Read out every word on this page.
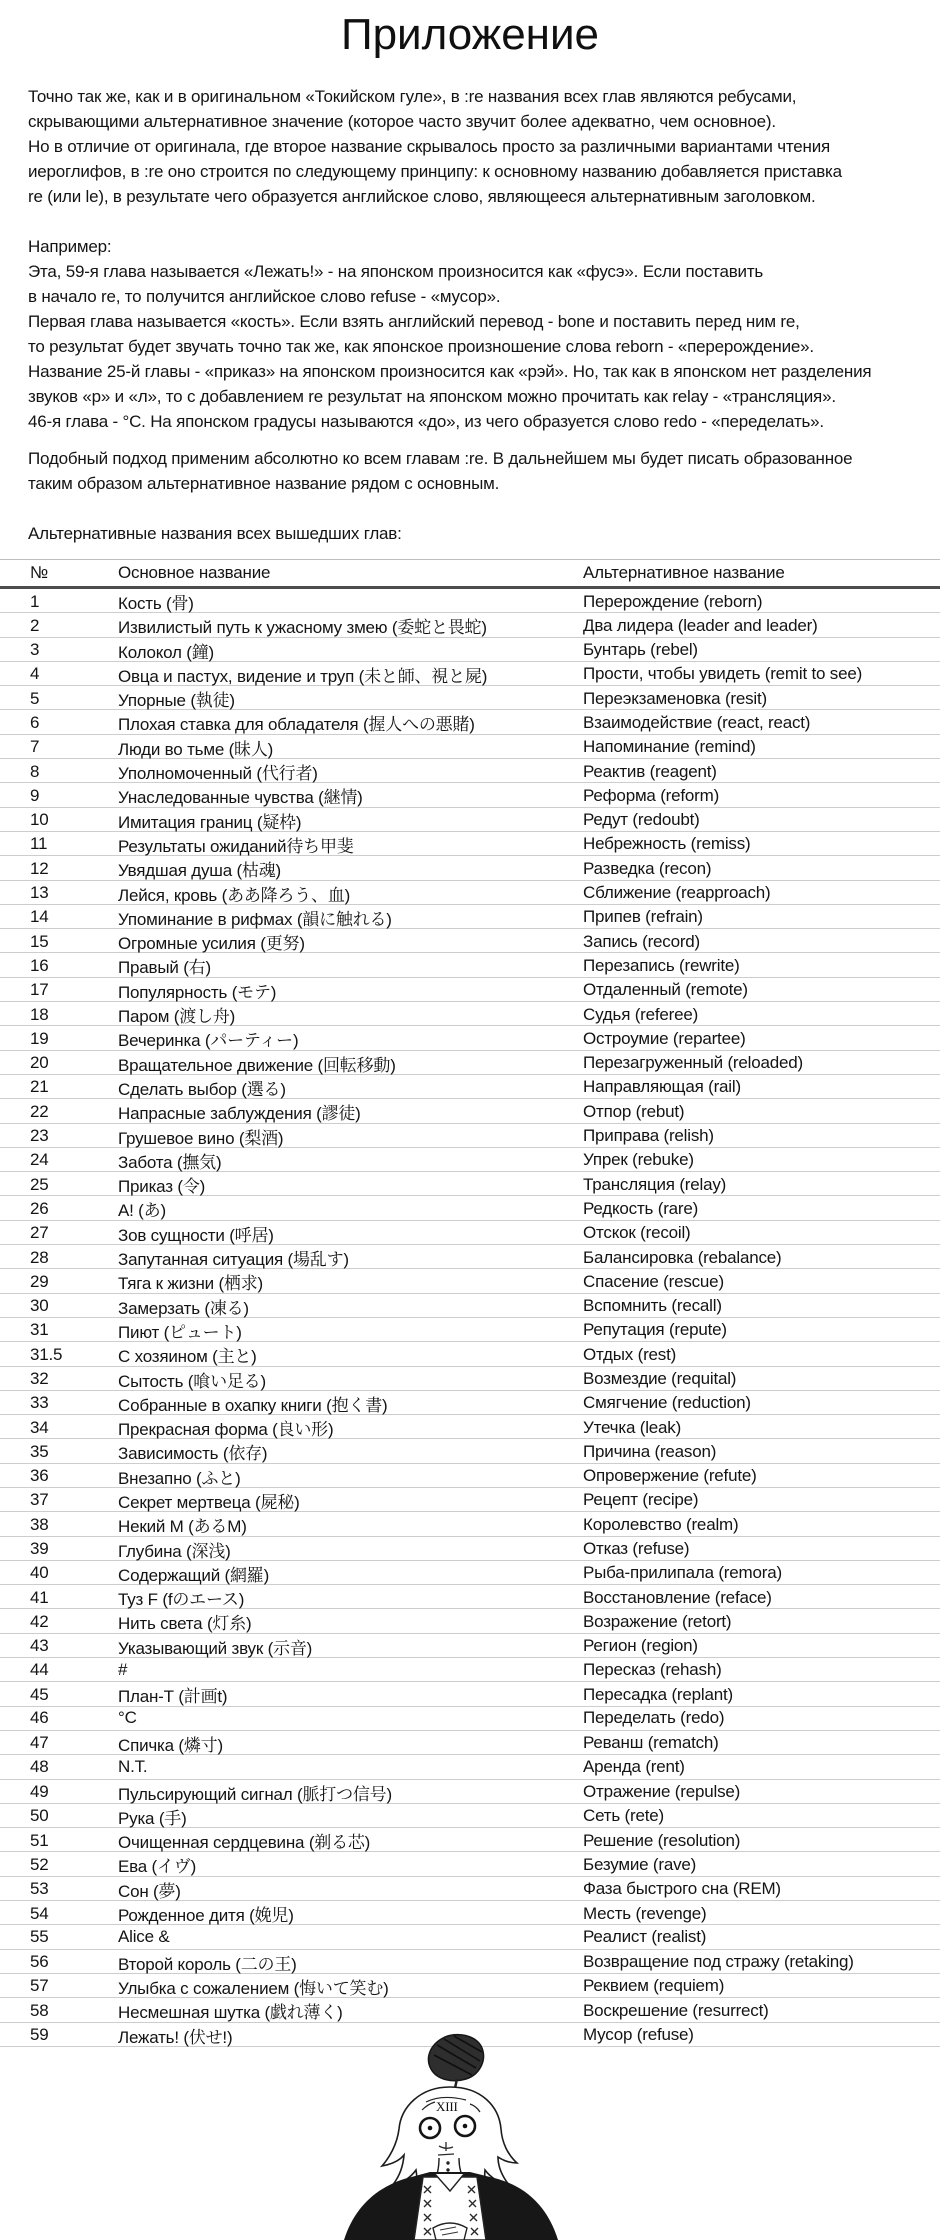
Приложение
Точно так же, как и в оригинальном «Токийском гуле», в :re названия всех глав являются ребусами,
скрывающими альтернативное значение (которое часто звучит более адекватно, чем основное).
Но в отличие от оригинала, где второе название скрывалось просто за различными вариантами чтения
иероглифов, в :re оно строится по следующему принципу: к основному названию добавляется приставка
re (или le), в результате чего образуется английское слово, являющееся альтернативным заголовком.
Например:
Эта, 59-я глава называется «Лежать!» - на японском произносится как «фусэ». Если поставить
в начало re, то получится английское слово refuse - «мусор».
Первая глава называется «кость». Если взять английский перевод - bone и поставить перед ним re,
то результат будет звучать точно так же, как японское произношение слова reborn - «перерождение».
Название 25-й главы - «приказ» на японском произносится как «рэй». Но, так как в японском нет разделения
звуков «р» и «л», то с добавлением re результат на японском можно прочитать как relay - «трансляция».
46-я глава - °C. На японском градусы называются «до», из чего образуется слово redo - «переделать».
Подобный подход применим абсолютно ко всем главам :re. В дальнейшем мы будет писать образованное
таким образом альтернативное название рядом с основным.
Альтернативные названия всех вышедших глав:
№	Основное название	Альтернативное название
1	Кость (骨)	Перерождение (reborn)
2	Извилистый путь к ужасному змею (委蛇と畏蛇)	Два лидера (leader and leader)
3	Колокол (鐘)	Бунтарь (rebel)
4	Овца и пастух, видение и труп (未と師、視と屍)	Прости, чтобы увидеть (remit to see)
5	Упорные (執徒)	Переэкзаменовка (resit)
6	Плохая ставка для обладателя (握人への悪賭)	Взаимодействие (react, react)
7	Люди во тьме (昧人)	Напоминание (remind)
8	Уполномоченный (代行者)	Реактив (reagent)
9	Унаследованные чувства (継情)	Реформа (reform)
10	Имитация границ (疑枠)	Редут (redoubt)
11	Результаты ожиданий待ち甲斐	Небрежность (remiss)
12	Увядшая душа (枯魂)	Разведка (recon)
13	Лейся, кровь (ああ降ろう、血)	Сближение (reapproach)
14	Упоминание в рифмах (韻に触れる)	Припев (refrain)
15	Огромные усилия (更努)	Запись (record)
16	Правый (右)	Перезапись (rewrite)
17	Популярность (モテ)	Отдаленный (remote)
18	Паром (渡し舟)	Судья (referee)
19	Вечеринка (パーティー)	Остроумие (repartee)
20	Вращательное движение (回転移動)	Перезагруженный (reloaded)
21	Сделать выбор (選る)	Направляющая (rail)
22	Напрасные заблуждения (謬徒)	Отпор (rebut)
23	Грушевое вино (梨酒)	Приправа (relish)
24	Забота (撫気)	Упрек (rebuke)
25	Приказ (令)	Трансляция (relay)
26	А! (あ)	Редкость (rare)
27	Зов сущности (呼居)	Отскок (recoil)
28	Запутанная ситуация (場乱す)	Балансировка (rebalance)
29	Тяга к жизни (栖求)	Спасение (rescue)
30	Замерзать (凍る)	Вспомнить (recall)
31	Пиют (ピュート)	Репутация (repute)
31.5	С хозяином (主と)	Отдых (rest)
32	Сытость (喰い足る)	Возмездие (requital)
33	Собранные в охапку книги (抱く書)	Смягчение (reduction)
34	Прекрасная форма (良い形)	Утечка (leak)
35	Зависимость (依存)	Причина (reason)
36	Внезапно (ふと)	Опровержение (refute)
37	Секрет мертвеца (屍秘)	Рецепт (recipe)
38	Некий М (あるM)	Королевство (realm)
39	Глубина (深浅)	Отказ (refuse)
40	Содержащий (網羅)	Рыба-прилипала (remora)
41	Туз F (fのエース)	Восстановление (reface)
42	Нить света (灯糸)	Возражение (retort)
43	Указывающий звук (示音)	Регион (region)
44	#	Пересказ (rehash)
45	План-Т (計画t)	Пересадка (replant)
46	°C	Переделать (redo)
47	Спичка (燐寸)	Реванш (rematch)
48	N.T.	Аренда (rent)
49	Пульсирующий сигнал (脈打つ信号)	Отражение (repulse)
50	Рука (手)	Сеть (rete)
51	Очищенная сердцевина (剃る芯)	Решение (resolution)
52	Ева (イヴ)	Безумие (rave)
53	Сон (夢)	Фаза быстрого сна (REM)
54	Рожденное дитя (娩児)	Месть (revenge)
55	Alice &	Реалист (realist)
56	Второй король (二の王)	Возвращение под стражу (retaking)
57	Улыбка с сожалением (悔いて笑む)	Реквием (requiem)
58	Несмешная шутка (戯れ薄く)	Воскрешение (resurrect)
59	Лежать! (伏せ!)	Мусор (refuse)
XIII
